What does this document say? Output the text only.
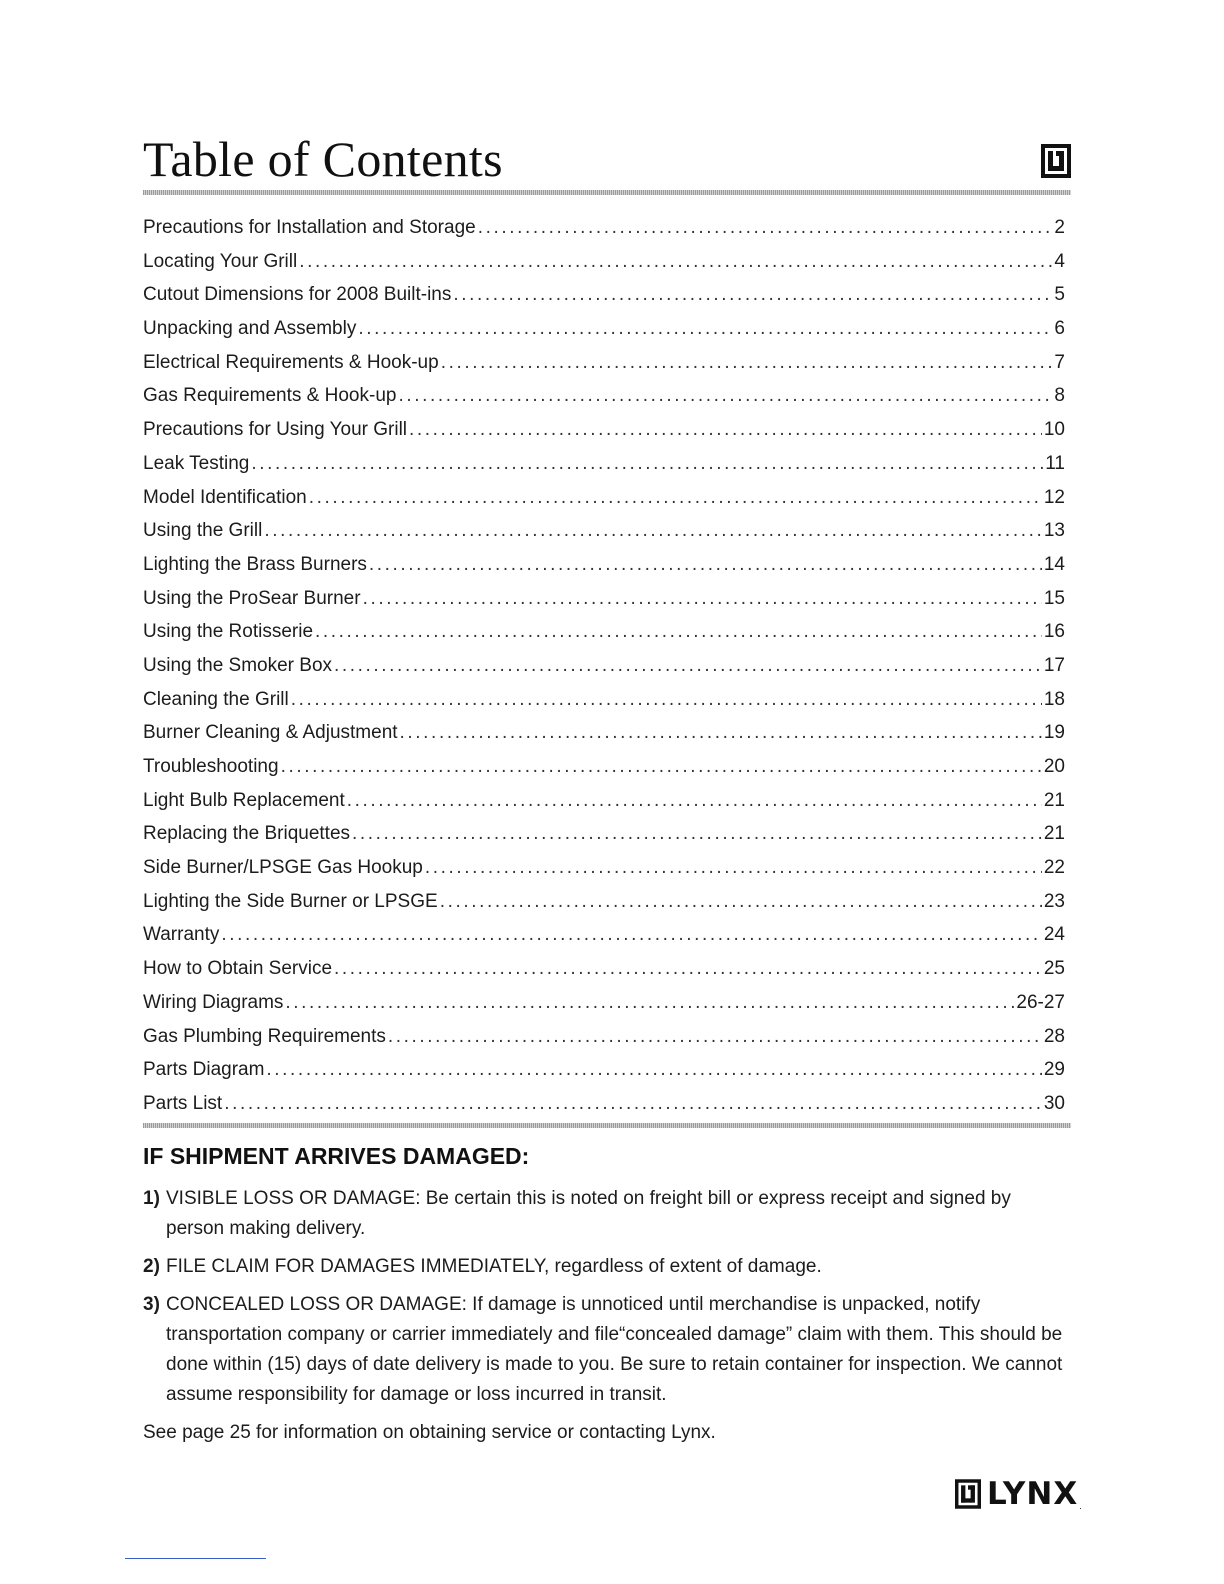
Table of Contents
Precautions for Installation and Storage .....	2
Locating Your Grill .....	4
Cutout Dimensions for 2008 Built-ins .....	5
Unpacking and Assembly .....	6
Electrical Requirements & Hook-up .....	7
Gas Requirements & Hook-up .....	8
Precautions for Using Your Grill .....	10
Leak Testing .....	11
Model Identification .....	12
Using the Grill .....	13
Lighting the Brass Burners .....	14
Using the ProSear Burner .....	15
Using the Rotisserie .....	16
Using the Smoker Box .....	17
Cleaning the Grill .....	18
Burner Cleaning & Adjustment .....	19
Troubleshooting .....	20
Light Bulb Replacement .....	21
Replacing the Briquettes .....	21
Side Burner/LPSGE Gas Hookup .....	22
Lighting the Side Burner or LPSGE .....	23
Warranty .....	24
How to Obtain Service .....	25
Wiring Diagrams .....	26-27
Gas Plumbing Requirements .....	28
Parts Diagram .....	29
Parts List .....	30
IF SHIPMENT ARRIVES DAMAGED:
1) VISIBLE LOSS OR DAMAGE: Be certain this is noted on freight bill or express receipt and signed by person making delivery.
2) FILE CLAIM FOR DAMAGES IMMEDIATELY, regardless of extent of damage.
3) CONCEALED LOSS OR DAMAGE: If damage is unnoticed until merchandise is unpacked, notify transportation company or carrier immediately and file“concealed damage” claim with them. This should be done within (15) days of date delivery is made to you. Be sure to retain container for inspection. We cannot assume responsibility for damage or loss incurred in transit.

See page 25 for information on obtaining service or contacting Lynx.

LYNX .
